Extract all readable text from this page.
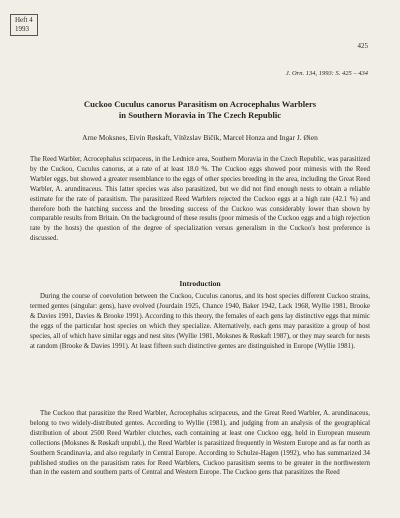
Heft 4
1993
425
J. Orn. 134, 1993: S. 425 – 434
Cuckoo Cuculus canorus Parasitism on Acrocephalus Warblers
in Southern Moravia in The Czech Republic
Arne Moksnes, Eivin Røskaft, Vítězslav Bičík, Marcel Honza and Ingar J. Øien

The Reed Warbler, Acrocephalus scirpaceus, in the Lednice area, Southern Moravia in the Czech Republic, was parasitized by the Cuckoo, Cuculus canorus, at a rate of at least 18.0 %. The Cuckoo eggs showed poor mimesis with the Reed Warbler eggs, but showed a greater resemblance to the eggs of other species breeding in the area, including the Great Reed Warbler, A. arundinaceus. This latter species was also parasitized, but we did not find enough nests to obtain a reliable estimate for the rate of parasitism. The parasitized Reed Warblers rejected the Cuckoo eggs at a high rate (42.1 %) and therefore both the hatching success and the breeding success of the Cuckoo was considerably lower than shown by comparable results from Britain. On the background of these results (poor mimesis of the Cuckoo eggs and a high rejection rate by the hosts) the question of the degree of specialization versus generalism in the Cuckoo's host preference is discussed.

Introduction

During the course of coevolution between the Cuckoo, Cuculus canorus, and its host species different Cuckoo strains, termed gentes (singular: gens), have evolved (Jourdain 1925, Chance 1940, Baker 1942, Lack 1968, Wyllie 1981, Brooke & Davies 1991, Davies & Brooke 1991). According to this theory, the females of each gens lay distinctive eggs that mimic the eggs of the particular host species on which they specialize. Alternatively, each gens may parasitize a group of host species, all of which have similar eggs and nest sites (Wyllie 1981, Moksnes & Røskaft 1987), or they may search for nests at random (Brooke & Davies 1991). At least fifteen such distinctive gentes are distinguished in Europe (Wyllie 1981).

The Cuckoo that parasitize the Reed Warbler, Acrocephalus scirpaceus, and the Great Reed Warbler, A. arundinaceus, belong to two widely-distributed gentes. According to Wyllie (1981), and judging from an analysis of the geographical distribution of about 2500 Reed Warbler clutches, each containing at least one Cuckoo egg, held in European museum collections (Moksnes & Røskaft unpubl.), the Reed Warbler is parasitized frequently in Western Europe and as far north as Southern Scandinavia, and also regularly in Central Europe. According to Schulze-Hagen (1992), who has summarized 34 published studies on the parasitism rates for Reed Warblers, Cuckoo parasitism seems to be greater in the northwestern than in the eastern and southern parts of Central and Western Europe. The Cuckoo gens that parasitizes the Reed
